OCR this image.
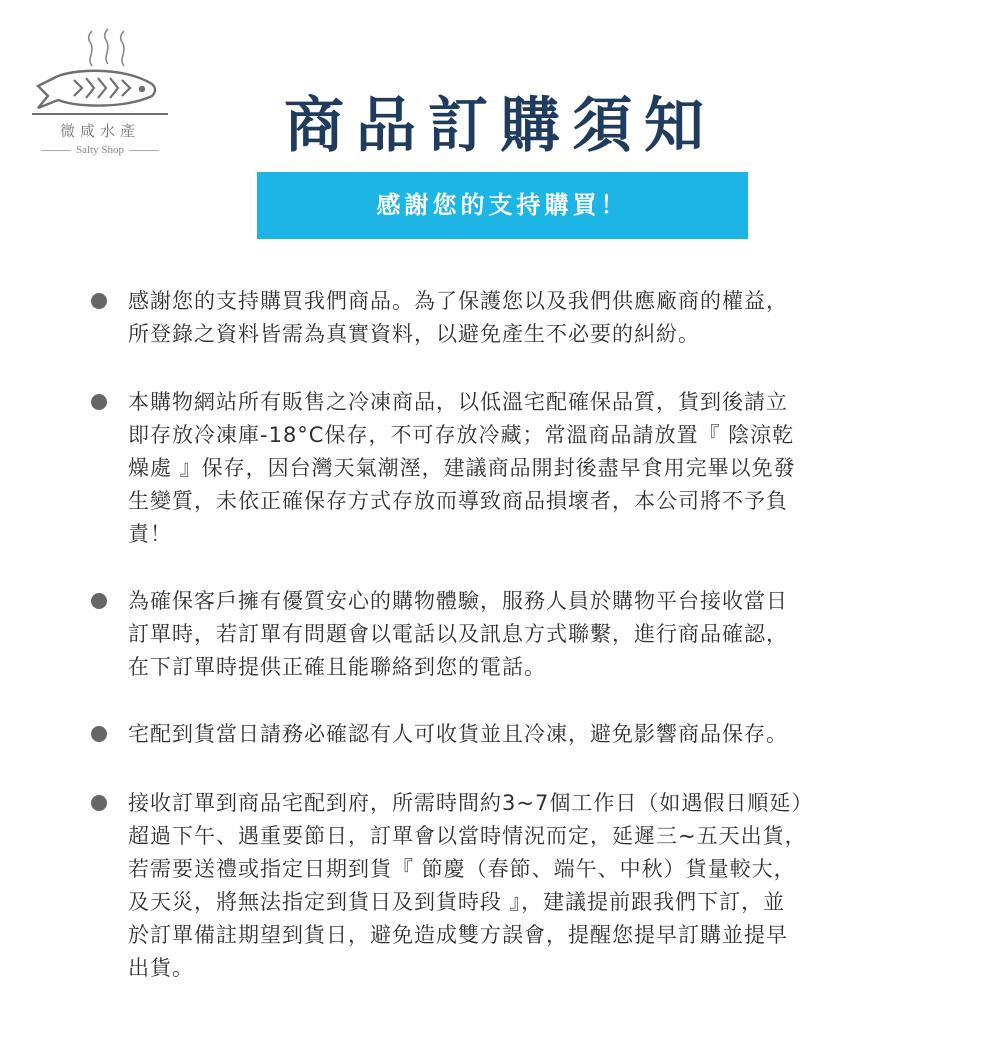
微咸水產
Salty Shop	商品訂購須知
感謝您的支持購買！
感謝您的支持購買我們商品。為了保護您以及我們供應廠商的權益，
所登錄之資料皆需為真實資料，以避免產生不必要的糾紛。
本購物網站所有販售之冷凍商品，以低溫宅配確保品質，貨到後請立
即存放冷凍庫-18°C保存，不可存放冷藏；常溫商品請放置『 陰涼乾
燥處 』保存，因台灣天氣潮溼，建議商品開封後盡早食用完畢以免發
生變質，未依正確保存方式存放而導致商品損壞者，本公司將不予負
責！
為確保客戶擁有優質安心的購物體驗，服務人員於購物平台接收當日
訂單時，若訂單有問題會以電話以及訊息方式聯繫，進行商品確認，
在下訂單時提供正確且能聯絡到您的電話。
宅配到貨當日請務必確認有人可收貨並且冷凍，避免影響商品保存。
接收訂單到商品宅配到府，所需時間約3~7個工作日（如遇假日順延）
超過下午、遇重要節日，訂單會以當時情況而定，延遲三~五天出貨，
若需要送禮或指定日期到貨『 節慶（春節、端午、中秋）貨量較大，
及天災，將無法指定到貨日及到貨時段 』，建議提前跟我們下訂，並
於訂單備註期望到貨日，避免造成雙方誤會，提醒您提早訂購並提早
出貨。
